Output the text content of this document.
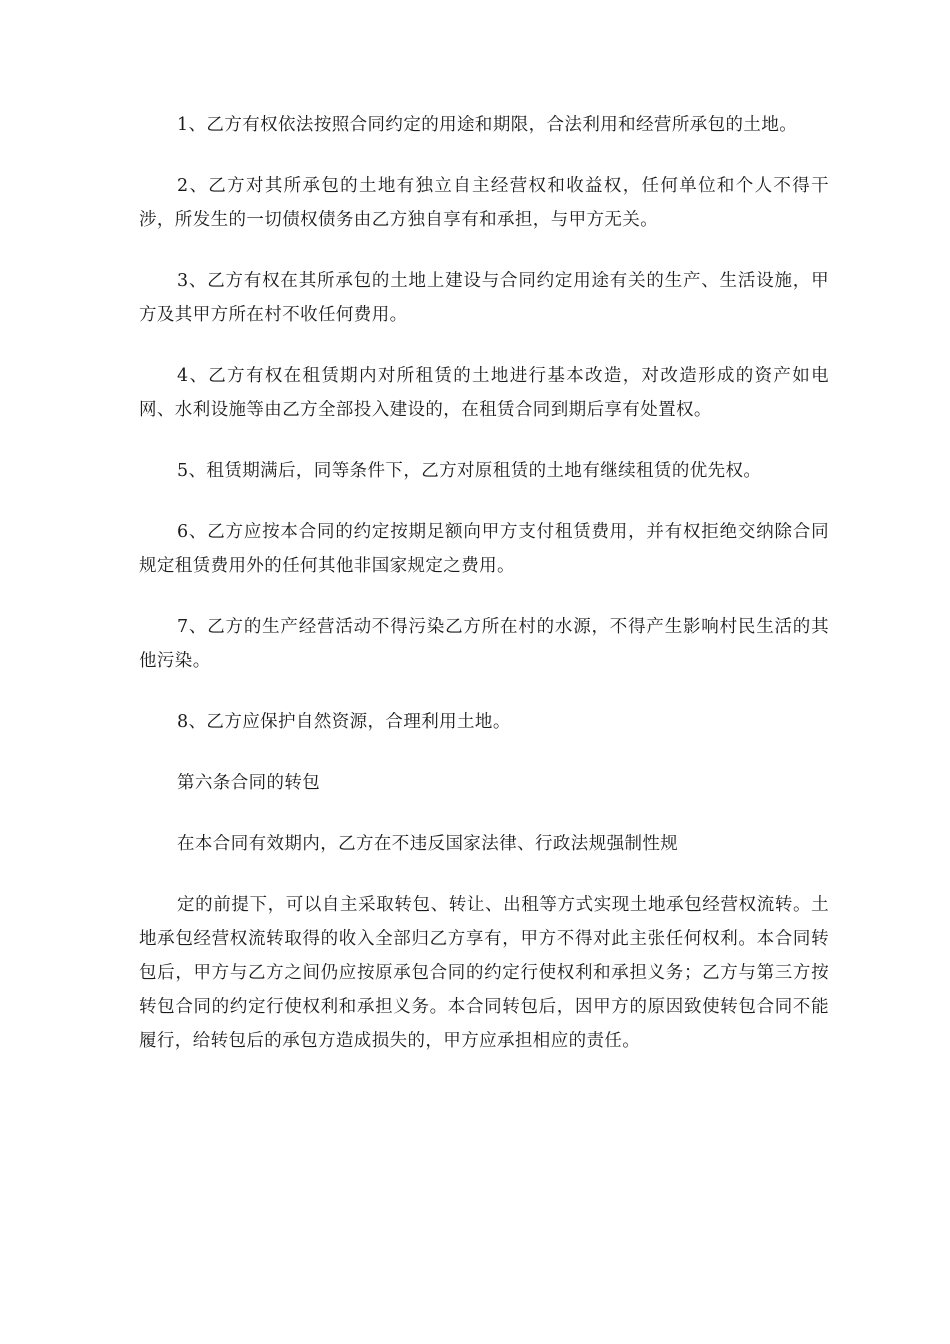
1、乙方有权依法按照合同约定的用途和期限，合法利用和经营所承包的土地。

2、乙方对其所承包的土地有独立自主经营权和收益权，任何单位和个人不得干涉，所发生的一切债权债务由乙方独自享有和承担，与甲方无关。

3、乙方有权在其所承包的土地上建设与合同约定用途有关的生产、生活设施，甲方及其甲方所在村不收任何费用。

4、乙方有权在租赁期内对所租赁的土地进行基本改造，对改造形成的资产如电网、水利设施等由乙方全部投入建设的，在租赁合同到期后享有处置权。

5、租赁期满后，同等条件下，乙方对原租赁的土地有继续租赁的优先权。

6、乙方应按本合同的约定按期足额向甲方支付租赁费用，并有权拒绝交纳除合同规定租赁费用外的任何其他非国家规定之费用。

7、乙方的生产经营活动不得污染乙方所在村的水源，不得产生影响村民生活的其他污染。

8、乙方应保护自然资源，合理利用土地。

第六条合同的转包

在本合同有效期内，乙方在不违反国家法律、行政法规强制性规

定的前提下，可以自主采取转包、转让、出租等方式实现土地承包经营权流转。土地承包经营权流转取得的收入全部归乙方享有，甲方不得对此主张任何权利。本合同转包后，甲方与乙方之间仍应按原承包合同的约定行使权利和承担义务；乙方与第三方按转包合同的约定行使权利和承担义务。本合同转包后，因甲方的原因致使转包合同不能履行，给转包后的承包方造成损失的，甲方应承担相应的责任。
